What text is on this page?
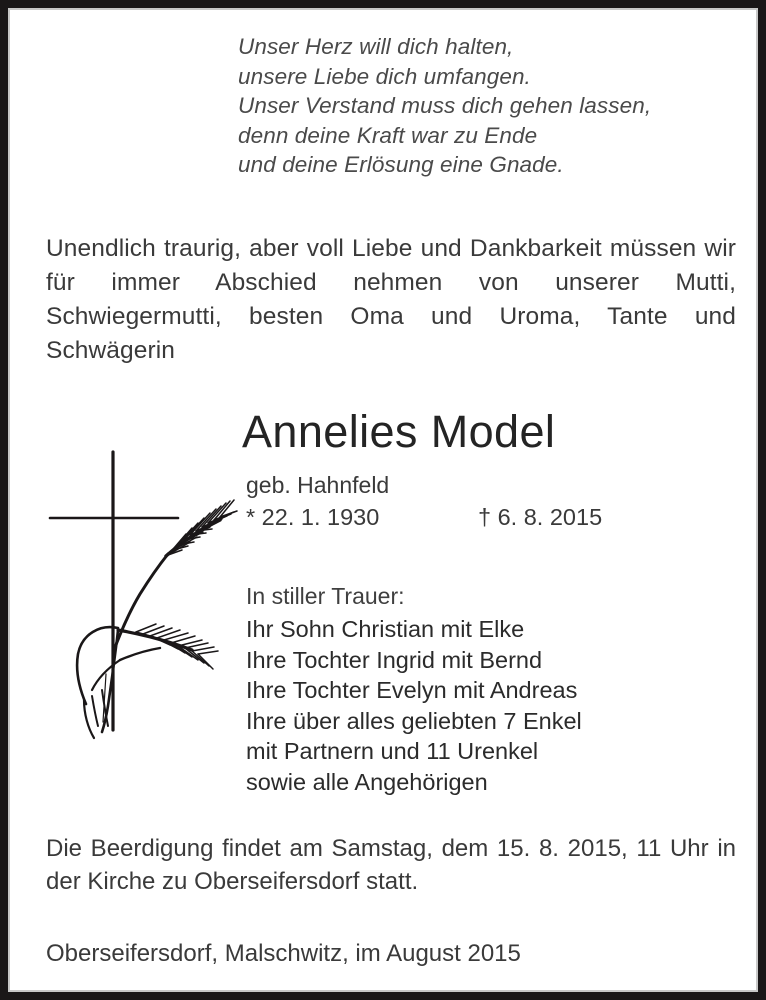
Unser Herz will dich halten,
unsere Liebe dich umfangen.
Unser Verstand muss dich gehen lassen,
denn deine Kraft war zu Ende
und deine Erlösung eine Gnade.
Unendlich traurig, aber voll Liebe und Dankbarkeit müssen wir für immer Abschied nehmen von unserer Mutti, Schwiegermutti, besten Oma und Uroma, Tante und Schwägerin
Annelies Model
geb. Hahnfeld
* 22. 1. 1930	† 6. 8. 2015
In stiller Trauer:
Ihr Sohn Christian mit Elke
Ihre Tochter Ingrid mit Bernd
Ihre Tochter Evelyn mit Andreas
Ihre über alles geliebten 7 Enkel
mit Partnern und 11 Urenkel
sowie alle Angehörigen
Die Beerdigung findet am Samstag, dem 15. 8. 2015, 11 Uhr in der Kirche zu Oberseifersdorf statt.
Oberseifersdorf, Malschwitz, im August 2015
